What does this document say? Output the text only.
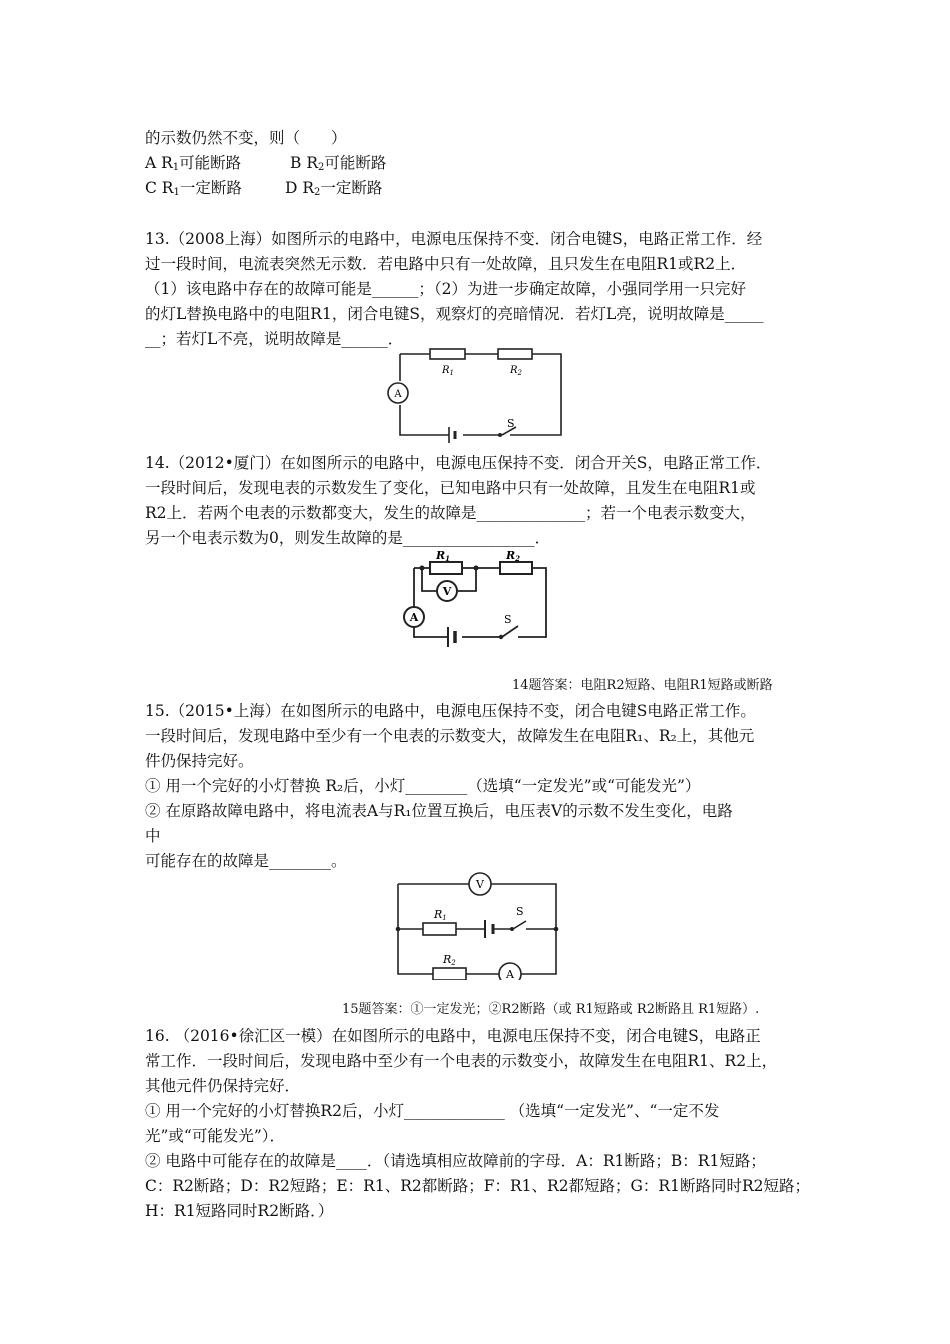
的示数仍然不变，则（　　）
A $R_1$可能断路	B $R_2$可能断路
C $R_1$一定断路	D $R_2$一定断路
13.（2008上海）如图所示的电路中，电源电压保持不变．闭合电键S，电路正常工作．经
过一段时间，电流表突然无示数．若电路中只有一处故障，且只发生在电阻R1或R2上．
（1）该电路中存在的故障可能是______；（2）为进一步确定故障，小强同学用一只完好
的灯L替换电路中的电阻R1，闭合电键S，观察灯的亮暗情况．若灯L亮，说明故障是_____
__；若灯L不亮，说明故障是______．
$R_1$	$R_2$
A
S
14.（2012•厦门）在如图所示的电路中，电源电压保持不变．闭合开关S，电路正常工作．
一段时间后，发现电表的示数发生了变化，已知电路中只有一处故障，且发生在电阻R1或
R2上．若两个电表的示数都变大，发生的故障是______________；若一个电表示数变大，
另一个电表示数为0，则发生故障的是_________________．
R1	R2
V
A	S
14题答案：电阻R2短路、电阻R1短路或断路
15.（2015•上海）在如图所示的电路中，电源电压保持不变，闭合电键S电路正常工作。
一段时间后，发现电路中至少有一个电表的示数变大，故障发生在电阻R₁、R₂上，其他元
件仍保持完好。
① 用一个完好的小灯替换 R₂后，小灯________（选填“一定发光”或“可能发光”）
② 在原路故障电路中，将电流表A与R₁位置互换后，电压表V的示数不发生变化，电路
中
可能存在的故障是________。
R1
R2
V
A
S
15题答案：①一定发光；②R2断路（或 R1短路或 R2断路且 R1短路）.
16. （2016•徐汇区一模）在如图所示的电路中，电源电压保持不变，闭合电键S，电路正
常工作．一段时间后，发现电路中至少有一个电表的示数变小，故障发生在电阻R1、R2上，
其他元件仍保持完好．
① 用一个完好的小灯替换R2后，小灯_____________ （选填“一定发光”、“一定不发
光”或“可能发光”）．
② 电路中可能存在的故障是____．（请选填相应故障前的字母．A：R1断路；B：R1短路；
C：R2断路；D：R2短路；E：R1、R2都断路；F：R1、R2都短路；G：R1断路同时R2短路；
H：R1短路同时R2断路．）
